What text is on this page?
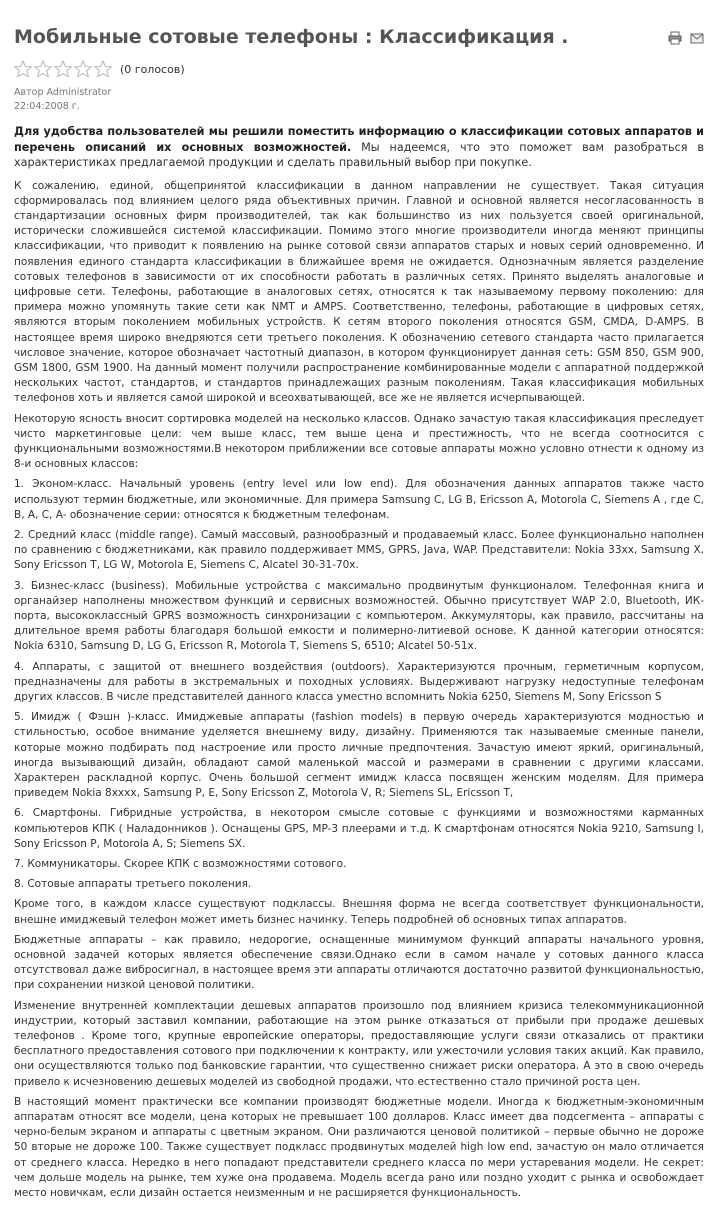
Мобильные сотовые телефоны : Классификация .
(0 голосов)
Автор Administrator
22:04:2008 г.

Для удобства пользователей мы решили поместить информацию о классификации сотовых аппаратов и перечень описаний их основных возможностей. Мы надеемся, что это поможет вам разобраться в характеристиках предлагаемой продукции и сделать правильный выбор при покупке.

К сожалению, единой, общепринятой классификации в данном направлении не существует. Такая ситуация сформировалась под влиянием целого ряда объективных причин. Главной и основной является несогласованность в стандартизации основных фирм производителей, так как большинство из них пользуется своей оригинальной, исторически сложившейся системой классификации. Помимо этого многие производители иногда меняют принципы классификации, что приводит к появлению на рынке сотовой связи аппаратов старых и новых серий одновременно. И появления единого стандарта классификации в ближайшее время не ожидается. Однозначным является разделение сотовых телефонов в зависимости от их способности работать в различных сетях. Принято выделять аналоговые и цифровые сети. Телефоны, работающие в аналоговых сетях, относятся к так называемому первому поколению: для примера можно упомянуть такие сети как NMT и AMPS. Соответственно, телефоны, работающие в цифровых сетях, являются вторым поколением мобильных устройств. К сетям второго поколения относятся GSM, CMDA, D-AMPS. В настоящее время широко внедряются сети третьего поколения. К обозначению сетевого стандарта часто прилагается числовое значение, которое обозначает частотный диапазон, в котором функционирует данная сеть: GSM 850, GSM 900, GSM 1800, GSM 1900. На данный момент получили распространение комбинированные модели с аппаратной поддержкой нескольких частот, стандартов, и стандартов принадлежащих разным поколениям. Такая классификация мобильных телефонов хоть и является самой широкой и всеохватывающей, все же не является исчерпывающей.

Некоторую ясность вносит сортировка моделей на несколько классов. Однако зачастую такая классификация преследует чисто маркетинговые цели: чем выше класс, тем выше цена и престижность, что не всегда соотносится с функциональными возможностями.В некотором приближении все сотовые аппараты можно условно отнести к одному из 8-и основных классов:

1. Эконом-класс. Начальный уровень (entry level или low end). Для обозначения данных аппаратов также часто используют термин бюджетные, или экономичные. Для примера Samsung C, LG B, Ericsson A, Motorola C, Siemens A , где C, B, A, C, A- обозначение серии: относятся к бюджетным телефонам.

2. Средний класс (middle range). Самый массовый, разнообразный и продаваемый класс. Более функционально наполнен по сравнению с бюджетниками, как правило поддерживает MMS, GPRS, Java, WAP. Представители: Nokia 33xx, Samsung X, Sony Ericsson T, LG W, Motorola E, Siemens C, Alcatel 30-31-70x.

3. Бизнес-класс (business). Мобильные устройства с максимально продвинутым функционалом. Телефонная книга и органайзер наполнены множеством функций и сервисных возможностей. Обычно присутствует WAP 2.0, Bluetooth, ИК-порта, высококлассный GPRS возможность синхронизации с компьютером. Аккумуляторы, как правило, рассчитаны на длительное время работы благодаря большой емкости и полимерно-литиевой основе. К данной категории относятся: Nokia 6310, Samsung D, LG G, Ericsson R, Motorola T, Siemens S, 6510; Alcatel 50-51x.

4. Аппараты, с защитой от внешнего воздействия (outdoors). Характеризуются прочным, герметичным корпусом, предназначены для работы в экстремальных и походных условиях. Выдерживают нагрузку недоступные телефонам других классов. В числе представителей данного класса уместно вспомнить Nokia 6250, Siemens M, Sony Ericsson S

5. Имидж ( Фэшн )-класс. Имиджевые аппараты (fashion models) в первую очередь характеризуются модностью и стильностью, особое внимание уделяется внешнему виду, дизайну. Применяются так называемые сменные панели, которые можно подбирать под настроение или просто личные предпочтения. Зачастую имеют яркий, оригинальный, иногда вызывающий дизайн, обладают самой маленькой массой и размерами в сравнении с другими классами. Характерен раскладной корпус. Очень большой сегмент имидж класса посвящен женским моделям. Для примера приведем Nokia 8xxxx, Samsung P, E, Sony Ericsson Z, Motorola V, R; Siemens SL, Ericsson T,

6. Смартфоны. Гибридные устройства, в некотором смысле сотовые с функциями и возможностями карманных компьютеров КПК ( Наладонников ). Оснащены GPS, MP-3 плеерами и т.д. К смартфонам относятся Nokia 9210, Samsung I, Sony Ericsson P, Motorola A, S; Siemens SX.

7. Коммуникаторы. Скорее КПК с возможностями сотового.

8. Сотовые аппараты третьего поколения.

Кроме того, в каждом классе существуют подклассы. Внешняя форма не всегда соответствует функциональности, внешне имиджевый телефон может иметь бизнес начинку. Теперь подробней об основных типах аппаратов.

Бюджетные аппараты – как правило, недорогие, оснащенные минимумом функций аппараты начального уровня, основной задачей которых является обеспечение связи.Однако если в самом начале у сотовых данного класса отсутствовал даже виброcигнал, в настоящее время эти аппараты отличаются достаточно развитой функциональностью, при сохранении низкой ценовой политики.

Изменение внутренней комплектации дешевых аппаратов произошло под влиянием кризиса телекоммуникационной индустрии, который заставил компании, работающие на этом рынке отказаться от прибыли при продаже дешевых телефонов . Кроме того, крупные европейские операторы, предоставляющие услуги связи отказались от практики бесплатного предоставления сотового при подключении к контракту, или ужесточили условия таких акций. Как правило, они осуществляются только под банковские гарантии, что существенно снижает риски оператора. А это в свою очередь привело к исчезновению дешевых моделей из свободной продажи, что естественно стало причиной роста цен.

В настоящий момент практически все компании производят бюджетные модели. Иногда к бюджетным-экономичным аппаратам относят все модели, цена которых не превышает 100 долларов. Класс имеет два подсегмента – аппараты с черно-белым экраном и аппараты с цветным экраном. Они различаются ценовой политикой – первые обычно не дороже 50 вторые не дороже 100. Также существует подкласс продвинутых моделей high low end, зачастую он мало отличается от среднего класса. Нередко в него попадают представители среднего класса по мери устаревания модели. Не секрет: чем дольше модель на рынке, тем хуже она продавема. Модель всегда рано или поздно уходит с рынка и освобождает место новичкам, если дизайн остается неизменным и не расширяется функциональность.
